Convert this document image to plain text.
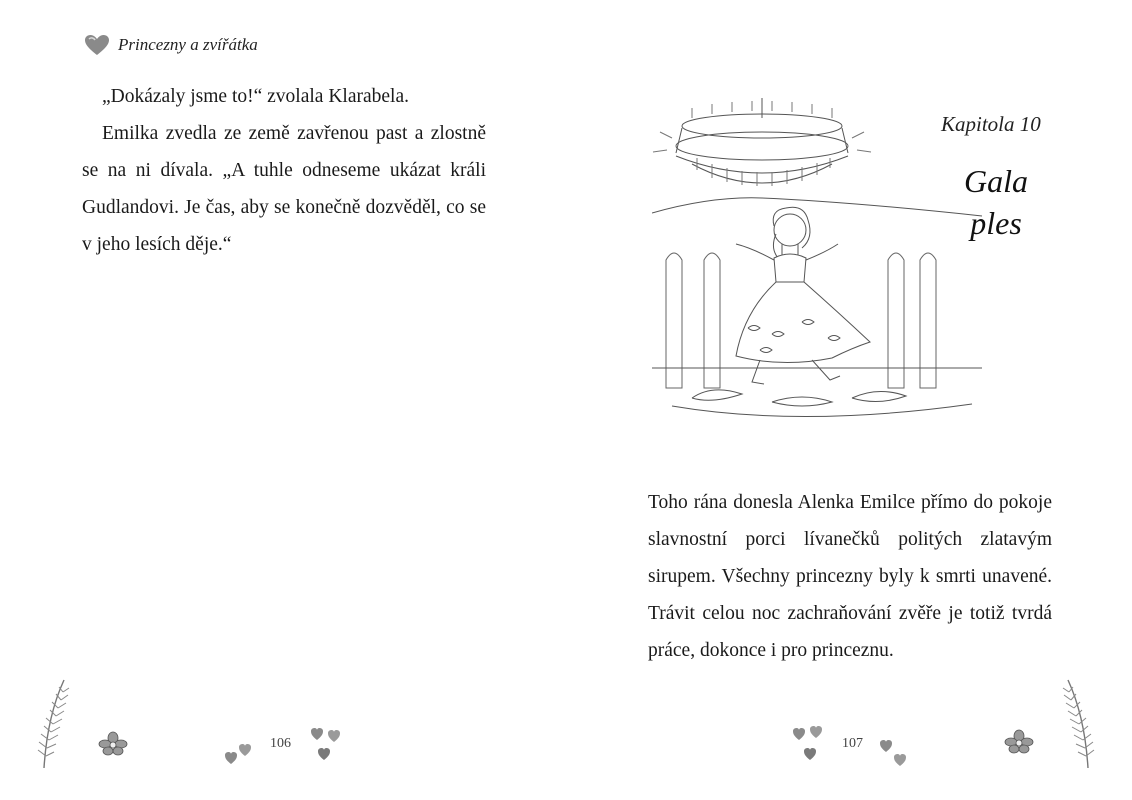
Princezny a zvířátka

„Dokázaly jsme to!“ zvolala Klarabela.

Emilka zvedla ze země zavřenou past a zlostně se na ni dívala. „A tuhle odneseme ukázat králi Gudlandovi. Je čas, aby se konečně dozvěděl, co se v jeho lesích děje.“

106
Kapitola 10
Gala
ples

Toho rána donesla Alenka Emilce přímo do pokoje slavnostní porci lívanečků politých zlatavým sirupem. Všechny princezny byly k smrti unavené. Trávit celou noc zachraňování zvěře je totiž tvrdá práce, dokonce i pro princeznu.

107
